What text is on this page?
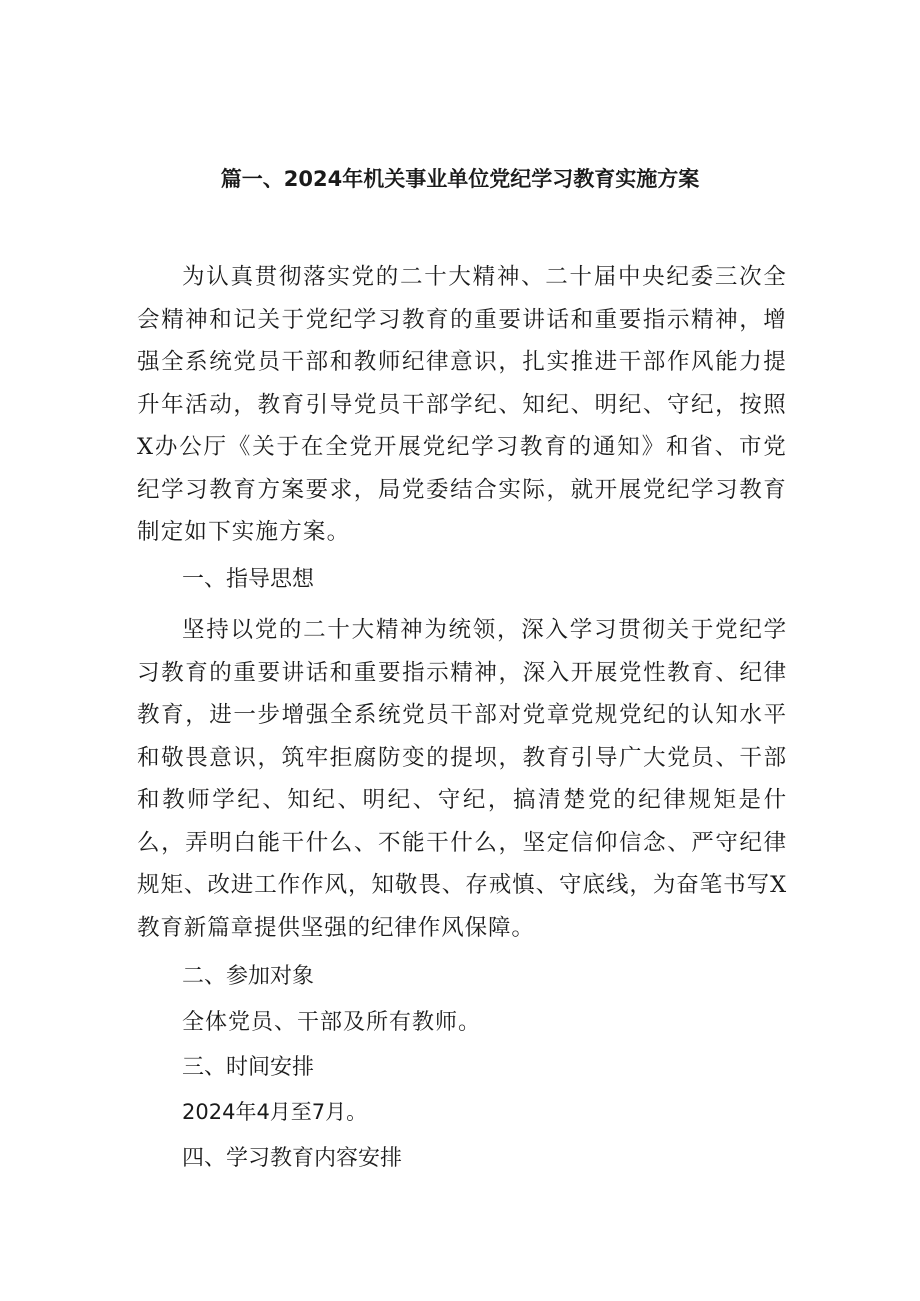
篇一、2024年机关事业单位党纪学习教育实施方案

为认真贯彻落实党的二十大精神、二十届中央纪委三次全会精神和记关于党纪学习教育的重要讲话和重要指示精神，增强全系统党员干部和教师纪律意识，扎实推进干部作风能力提升年活动，教育引导党员干部学纪、知纪、明纪、守纪，按照X办公厅《关于在全党开展党纪学习教育的通知》和省、市党纪学习教育方案要求，局党委结合实际，就开展党纪学习教育制定如下实施方案。

一、指导思想

坚持以党的二十大精神为统领，深入学习贯彻关于党纪学习教育的重要讲话和重要指示精神，深入开展党性教育、纪律教育，进一步增强全系统党员干部对党章党规党纪的认知水平和敬畏意识，筑牢拒腐防变的提坝，教育引导广大党员、干部和教师学纪、知纪、明纪、守纪，搞清楚党的纪律规矩是什么，弄明白能干什么、不能干什么，坚定信仰信念、严守纪律规矩、改进工作作风，知敬畏、存戒慎、守底线，为奋笔书写X教育新篇章提供坚强的纪律作风保障。

二、参加对象

全体党员、干部及所有教师。

三、时间安排

2024年4月至7月。

四、学习教育内容安排
